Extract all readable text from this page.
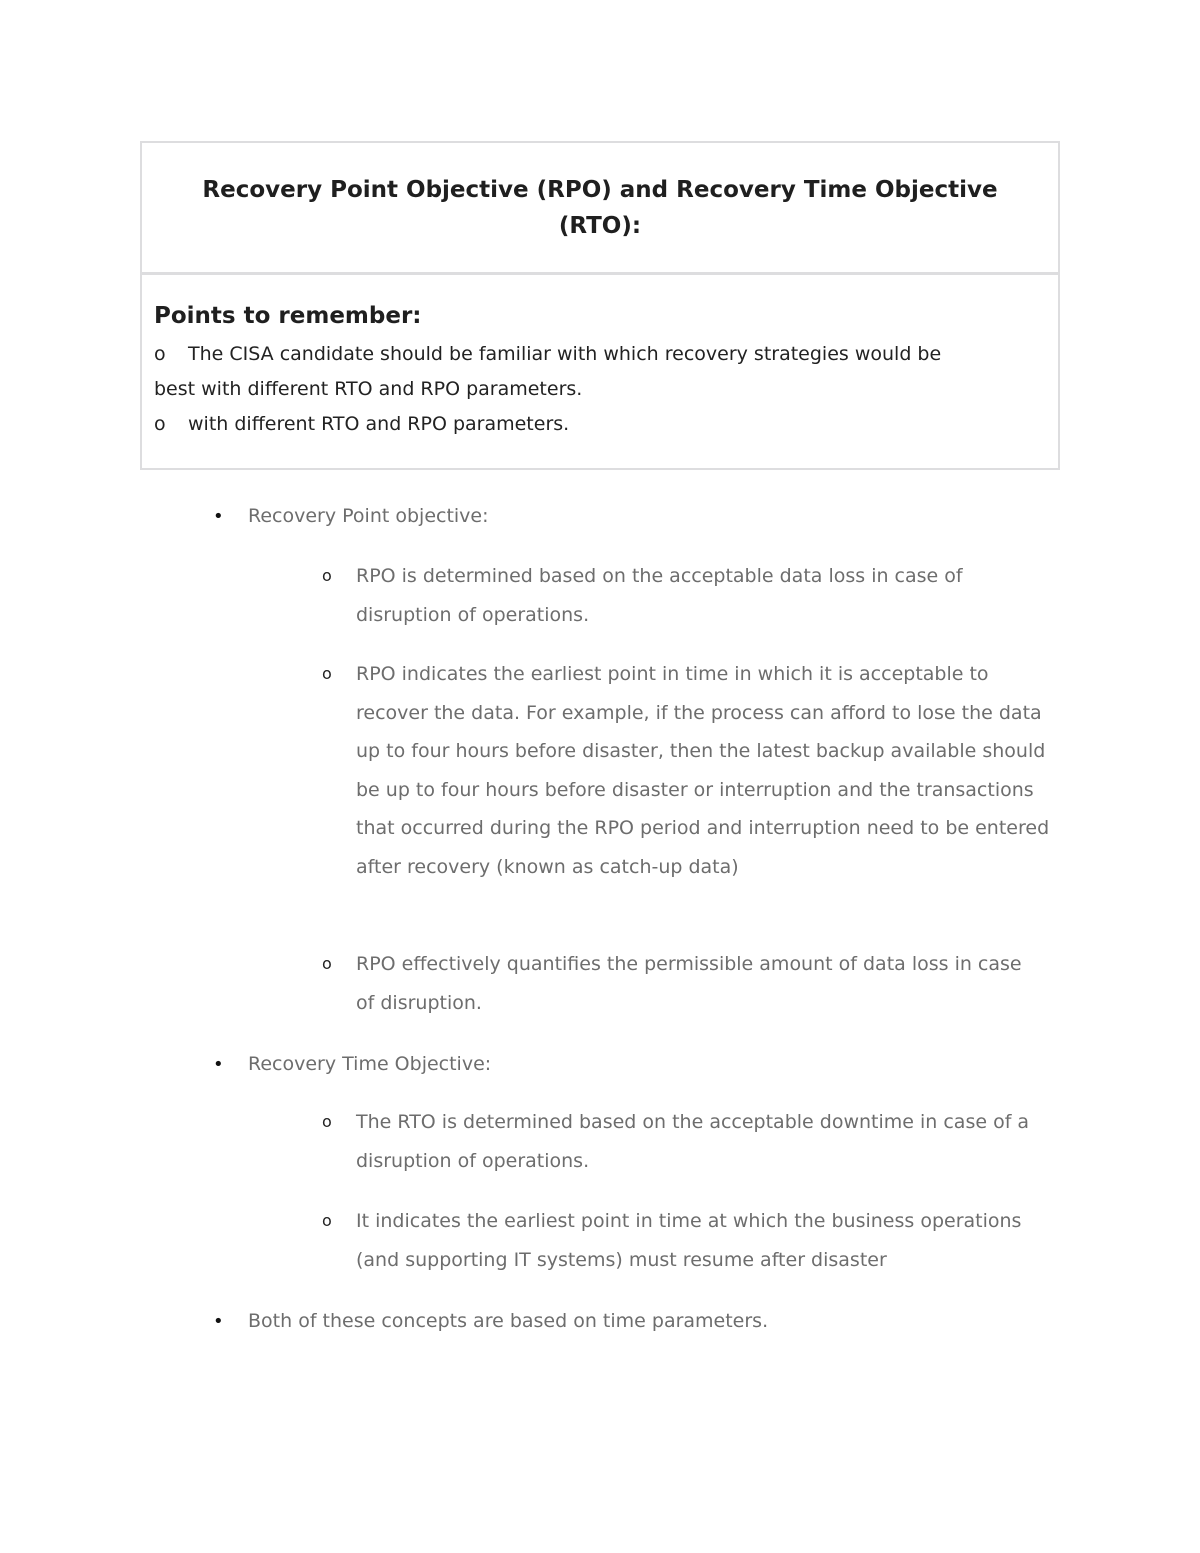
Recovery Point Objective (RPO) and Recovery Time Objective (RTO):
Points to remember:
o The CISA candidate should be familiar with which recovery strategies would be
best with different RTO and RPO parameters.
o with different RTO and RPO parameters.
• Recovery Point objective:
o RPO is determined based on the acceptable data loss in case of disruption of operations.
o RPO indicates the earliest point in time in which it is acceptable to recover the data. For example, if the process can afford to lose the data up to four hours before disaster, then the latest backup available should be up to four hours before disaster or interruption and the transactions that occurred during the RPO period and interruption need to be entered after recovery (known as catch-up data)
o RPO effectively quantifies the permissible amount of data loss in case of disruption.
• Recovery Time Objective:
o The RTO is determined based on the acceptable downtime in case of a disruption of operations.
o It indicates the earliest point in time at which the business operations (and supporting IT systems) must resume after disaster
• Both of these concepts are based on time parameters.
